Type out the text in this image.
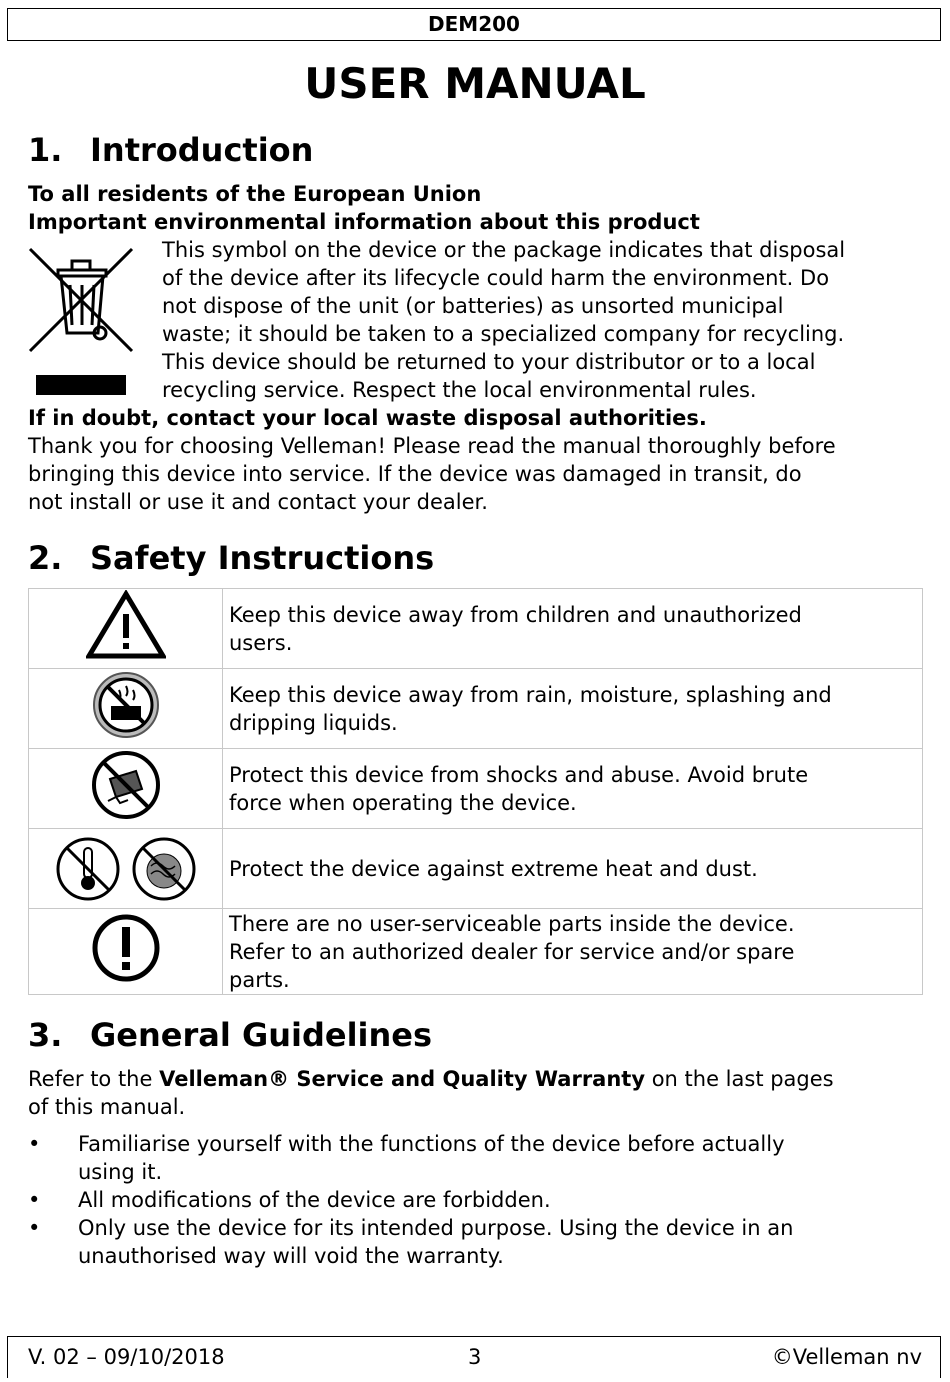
DEM200
USER MANUAL
1. Introduction

To all residents of the European Union

Important environmental information about this product

This symbol on the device or the package indicates that disposal

of the device after its lifecycle could harm the environment. Do

not dispose of the unit (or batteries) as unsorted municipal

waste; it should be taken to a specialized company for recycling.

This device should be returned to your distributor or to a local

recycling service. Respect the local environmental rules.

If in doubt, contact your local waste disposal authorities.

Thank you for choosing Velleman! Please read the manual thoroughly before

bringing this device into service. If the device was damaged in transit, do

not install or use it and contact your dealer.

2. Safety Instructions

Keep this device away from children and unauthorized
users.

Keep this device away from rain, moisture, splashing and
dripping liquids.

Protect this device from shocks and abuse. Avoid brute
force when operating the device.

Protect the device against extreme heat and dust.

There are no user-serviceable parts inside the device.
Refer to an authorized dealer for service and/or spare
parts.
3. General Guidelines

Refer to the Velleman® Service and Quality Warranty on the last pages

of this manual.

• Familiarise yourself with the functions of the device before actually
using it.
• All modifications of the device are forbidden.
• Only use the device for its intended purpose. Using the device in an
unauthorised way will void the warranty.
V. 02 – 09/10/2018	3	©Velleman nv
